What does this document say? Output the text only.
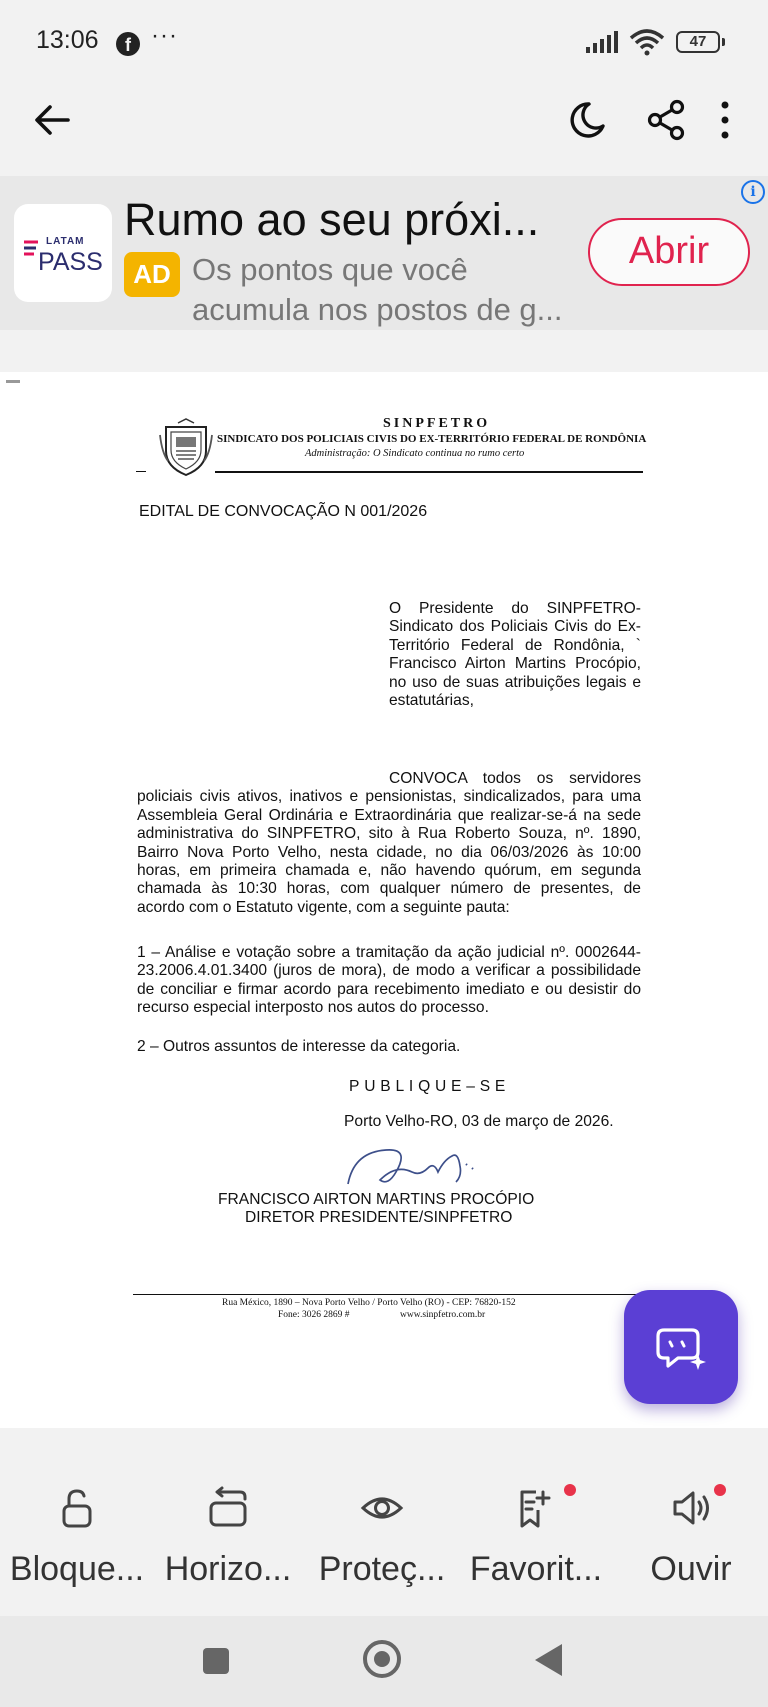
13:06	f ···	47
LATAM
PASS
Rumo ao seu próxi...
AD Os pontos que você acumula nos postos de g...
Abrir
i
SINPFETRO
SINDICATO DOS POLICIAIS CIVIS DO EX-TERRITÓRIO FEDERAL DE RONDÔNIA
Administração: O Sindicato continua no rumo certo
EDITAL DE CONVOCAÇÃO N 001/2026
O Presidente do SINPFETRO-Sindicato dos Policiais Civis do Ex-Território Federal de Rondônia, ` Francisco Airton Martins Procópio, no uso de suas atribuições legais e estatutárias,
CONVOCA todos os servidores policiais civis ativos, inativos e pensionistas, sindicalizados, para uma Assembleia Geral Ordinária e Extraordinária que realizar-se-á na sede administrativa do SINPFETRO, sito à Rua Roberto Souza, nº. 1890, Bairro Nova Porto Velho, nesta cidade, no dia 06/03/2026 às 10:00 horas, em primeira chamada e, não havendo quórum, em segunda chamada às 10:30 horas, com qualquer número de presentes, de acordo com o Estatuto vigente, com a seguinte pauta:
1 – Análise e votação sobre a tramitação da ação judicial nº. 0002644-23.2006.4.01.3400 (juros de mora), de modo a verificar a possibilidade de conciliar e firmar acordo para recebimento imediato e ou desistir do recurso especial interposto nos autos do processo.
2 – Outros assuntos de interesse da categoria.
PUBLIQUE–SE
Porto Velho-RO, 03 de março de 2026.
FRANCISCO AIRTON MARTINS PROCÓPIO
DIRETOR PRESIDENTE/SINPFETRO
Rua México, 1890 – Nova Porto Velho / Porto Velho (RO) - CEP: 76820-152
Fone: 3026 2869 #	www.sinpfetro.com.br
Bloque... Horizo... Proteç... Favorit...	Ouvir
